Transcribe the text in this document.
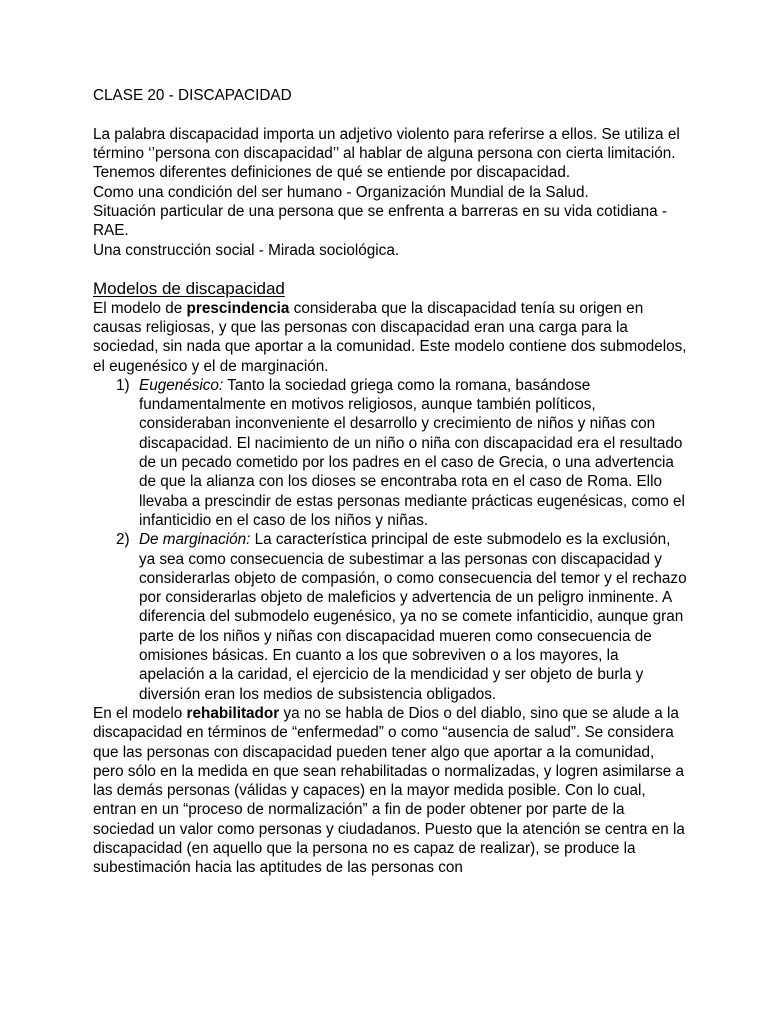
CLASE 20 - DISCAPACIDAD

La palabra discapacidad importa un adjetivo violento para referirse a ellos. Se utiliza el término ‘’persona con discapacidad’’ al hablar de alguna persona con cierta limitación.

Tenemos diferentes definiciones de qué se entiende por discapacidad.

Como una condición del ser humano - Organización Mundial de la Salud.

Situación particular de una persona que se enfrenta a barreras en su vida cotidiana - RAE.

Una construcción social - Mirada sociológica.

Modelos de discapacidad

El modelo de prescindencia consideraba que la discapacidad tenía su origen en causas religiosas, y que las personas con discapacidad eran una carga para la sociedad, sin nada que aportar a la comunidad. Este modelo contiene dos submodelos, el eugenésico y el de marginación.

1) Eugenésico: Tanto la sociedad griega como la romana, basándose fundamentalmente en motivos religiosos, aunque también políticos, consideraban inconveniente el desarrollo y crecimiento de niños y niñas con discapacidad. El nacimiento de un niño o niña con discapacidad era el resultado de un pecado cometido por los padres en el caso de Grecia, o una advertencia de que la alianza con los dioses se encontraba rota en el caso de Roma. Ello llevaba a prescindir de estas personas mediante prácticas eugenésicas, como el infanticidio en el caso de los niños y niñas.
2) De marginación: La característica principal de este submodelo es la exclusión, ya sea como consecuencia de subestimar a las personas con discapacidad y considerarlas objeto de compasión, o como consecuencia del temor y el rechazo por considerarlas objeto de maleficios y advertencia de un peligro inminente. A diferencia del submodelo eugenésico, ya no se comete infanticidio, aunque gran parte de los niños y niñas con discapacidad mueren como consecuencia de omisiones básicas. En cuanto a los que sobreviven o a los mayores, la apelación a la caridad, el ejercicio de la mendicidad y ser objeto de burla y diversión eran los medios de subsistencia obligados.

En el modelo rehabilitador ya no se habla de Dios o del diablo, sino que se alude a la discapacidad en términos de “enfermedad” o como “ausencia de salud”. Se considera que las personas con discapacidad pueden tener algo que aportar a la comunidad, pero sólo en la medida en que sean rehabilitadas o normalizadas, y logren asimilarse a las demás personas (válidas y capaces) en la mayor medida posible. Con lo cual, entran en un “proceso de normalización” a fin de poder obtener por parte de la sociedad un valor como personas y ciudadanos. Puesto que la atención se centra en la discapacidad (en aquello que la persona no es capaz de realizar), se produce la subestimación hacia las aptitudes de las personas con
